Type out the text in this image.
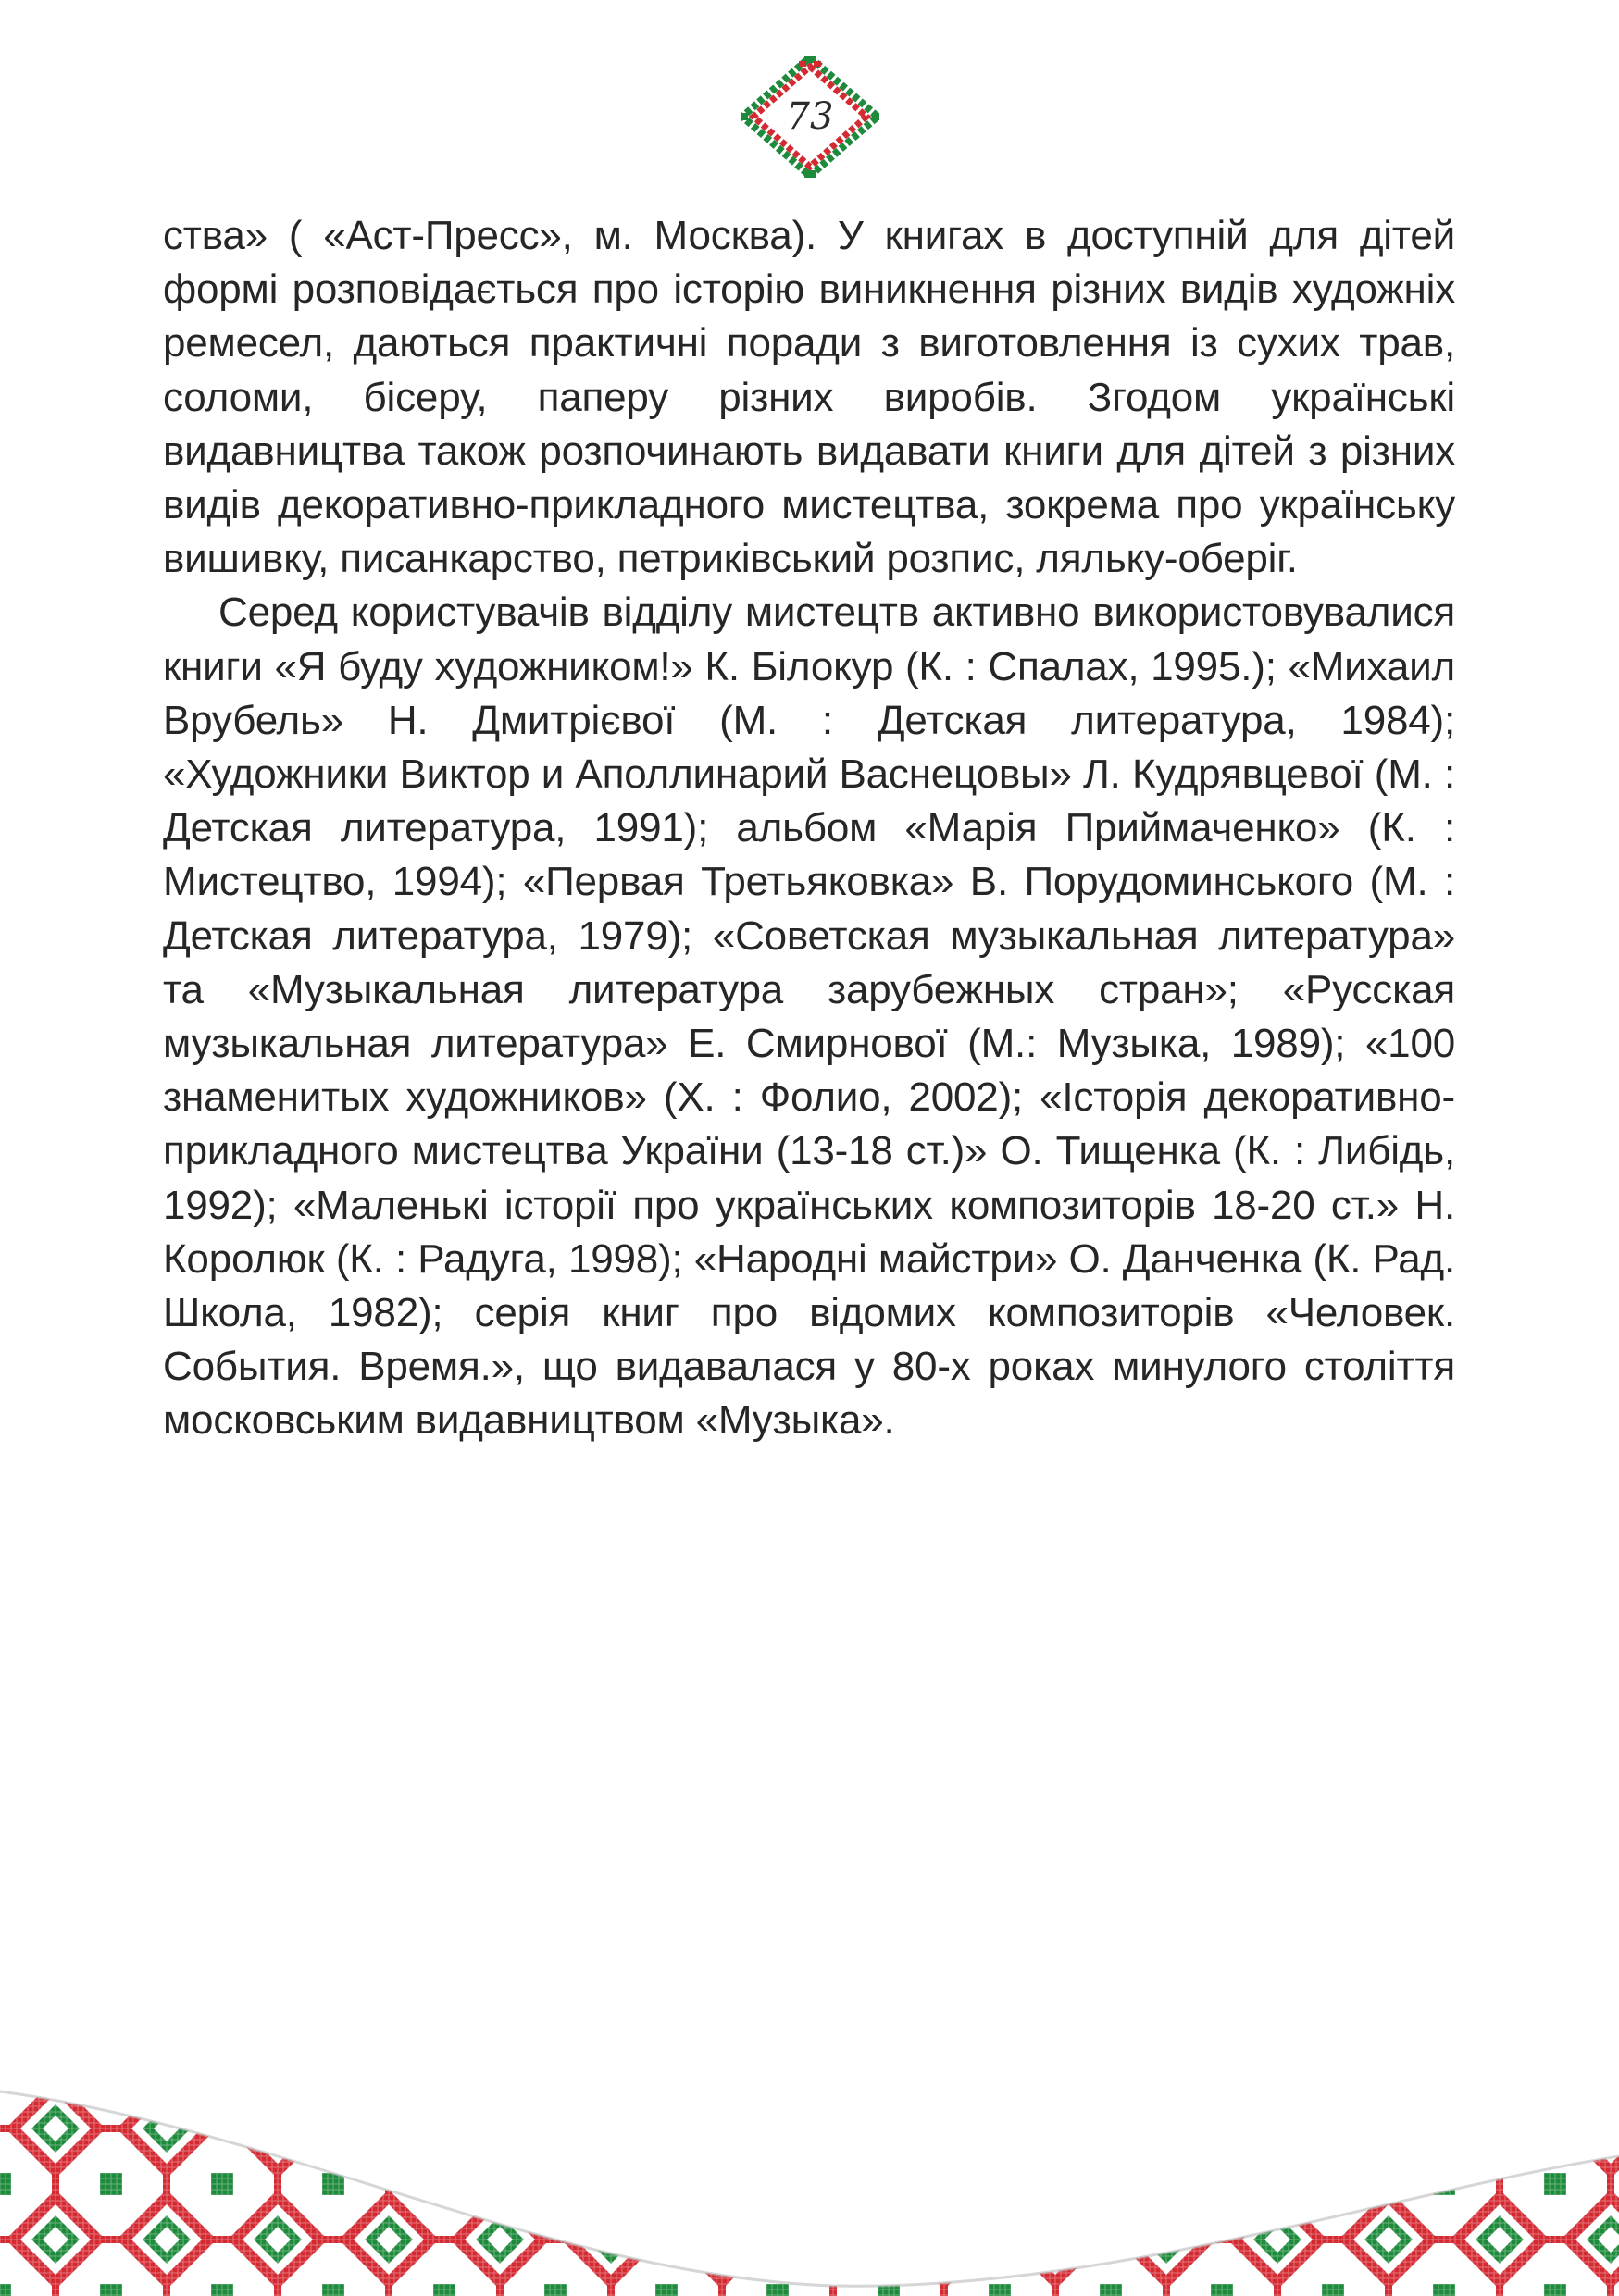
73

ства» ( «Аст-Пресс», м. Москва). У книгах в доступній для дітей формі розповідається про історію виникнення різних видів художніх ремесел, даються практичні поради з виготовлення із сухих трав, соломи, бісеру, паперу різних виробів. Згодом українські видавництва також розпочинають видавати книги для дітей з різних видів декоративно-прикладного мистецтва, зокрема про українську вишивку, писанкарство, петриківський розпис, ляльку-оберіг.

Серед користувачів відділу мистецтв активно використовувалися книги «Я буду художником!» К. Білокур (К. : Спалах, 1995.); «Михаил Врубель» Н. Дмитрієвої (М. : Детская литература, 1984); «Художники Виктор и Аполлинарий Васнецовы» Л. Кудрявцевої (М. : Детская литература, 1991); альбом «Марія Приймаченко» (К. : Мистецтво, 1994); «Первая Третьяковка» В. Порудоминського (М. : Детская литература, 1979); «Советская музыкальная литература» та «Музыкальная литература зарубежных стран»; «Русская музыкальная литература» Е. Смирнової (М.: Музыка, 1989); «100 знаменитых художников» (Х. : Фолио, 2002); «Історія декоративно-прикладного мистецтва України (13-18 ст.)» О. Тищенка (К. : Либідь, 1992); «Маленькі історії про українських композиторів 18-20 ст.» Н. Королюк (К. : Радуга, 1998); «Народні майстри» О. Данченка (К. Рад. Школа, 1982); серія книг про відомих композиторів «Человек. События. Время.», що видавалася у 80-х роках минулого століття московським видавництвом «Музыка».
